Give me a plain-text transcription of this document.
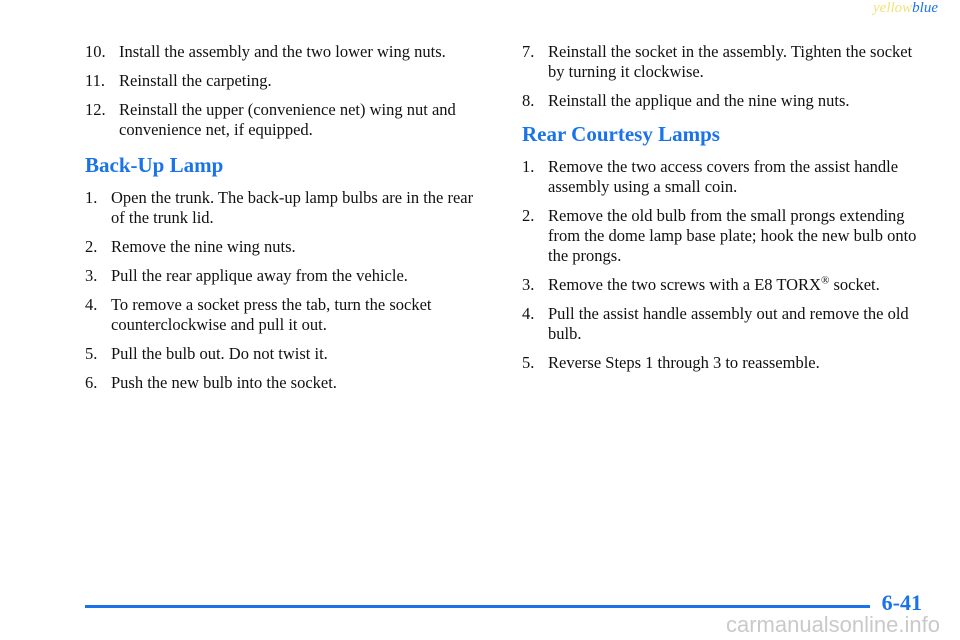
yellowblue
10. Install the assembly and the two lower wing nuts.
11. Reinstall the carpeting.
12. Reinstall the upper (convenience net) wing nut and convenience net, if equipped.
Back-Up Lamp
1. Open the trunk. The back-up lamp bulbs are in the rear of the trunk lid.
2. Remove the nine wing nuts.
3. Pull the rear applique away from the vehicle.
4. To remove a socket press the tab, turn the socket counterclockwise and pull it out.
5. Pull the bulb out. Do not twist it.
6. Push the new bulb into the socket.
7. Reinstall the socket in the assembly. Tighten the socket by turning it clockwise.
8. Reinstall the applique and the nine wing nuts.
Rear Courtesy Lamps
1. Remove the two access covers from the assist handle assembly using a small coin.
2. Remove the old bulb from the small prongs extending from the dome lamp base plate; hook the new bulb onto the prongs.
3. Remove the two screws with a E8 TORX® socket.
4. Pull the assist handle assembly out and remove the old bulb.
5. Reverse Steps 1 through 3 to reassemble.
6-41
carmanualsonline.info
